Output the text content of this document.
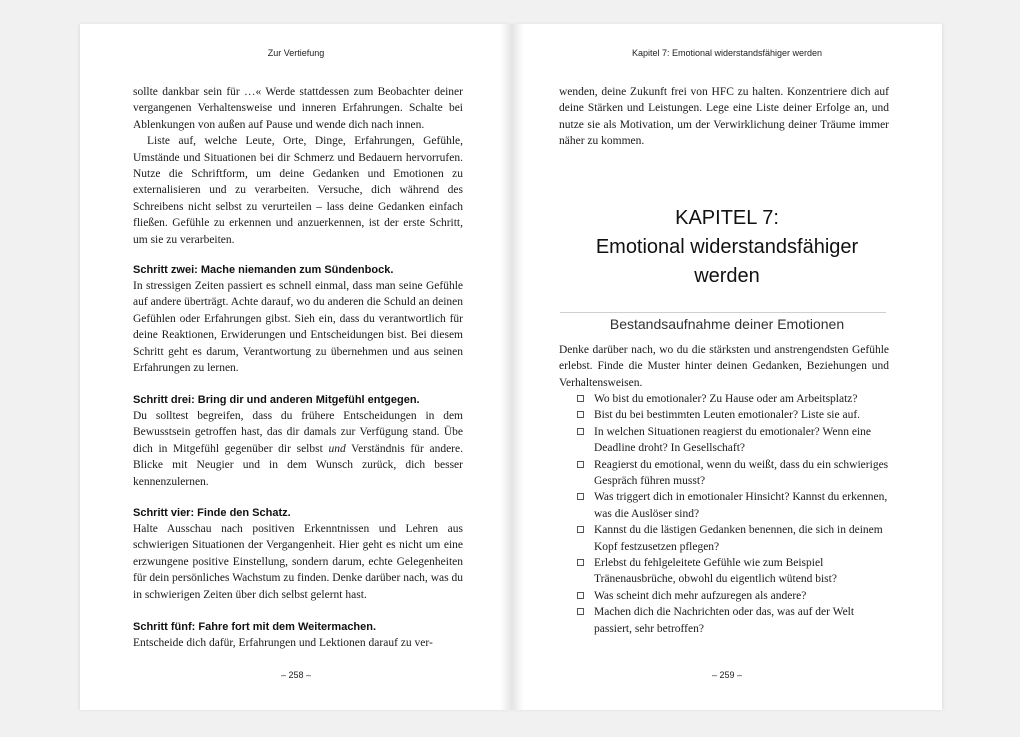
Zur Vertiefung

sollte dankbar sein für …« Werde stattdessen zum Beobachter deiner vergangenen Verhaltensweise und inneren Erfahrungen. Schalte bei Ablenkungen von außen auf Pause und wende dich nach innen.

Liste auf, welche Leute, Orte, Dinge, Erfahrungen, Gefühle, Umstände und Situationen bei dir Schmerz und Bedauern hervorrufen. Nutze die Schriftform, um deine Gedanken und Emotionen zu externalisieren und zu verarbeiten. Versuche, dich während des Schreibens nicht selbst zu verurteilen – lass deine Gedanken einfach fließen. Gefühle zu erkennen und anzuerkennen, ist der erste Schritt, um sie zu verarbeiten.

Schritt zwei: Mache niemanden zum Sündenbock.

In stressigen Zeiten passiert es schnell einmal, dass man seine Gefühle auf andere überträgt. Achte darauf, wo du anderen die Schuld an deinen Gefühlen oder Erfahrungen gibst. Sieh ein, dass du verantwortlich für deine Reaktionen, Erwiderungen und Entscheidungen bist. Bei diesem Schritt geht es darum, Verantwortung zu übernehmen und aus seinen Erfahrungen zu lernen.

Schritt drei: Bring dir und anderen Mitgefühl entgegen.

Du solltest begreifen, dass du frühere Entscheidungen in dem Bewusstsein getroffen hast, das dir damals zur Verfügung stand. Übe dich in Mitgefühl gegenüber dir selbst und Verständnis für andere. Blicke mit Neugier und in dem Wunsch zurück, dich besser kennenzulernen.

Schritt vier: Finde den Schatz.

Halte Ausschau nach positiven Erkenntnissen und Lehren aus schwierigen Situationen der Vergangenheit. Hier geht es nicht um eine erzwungene positive Einstellung, sondern darum, echte Gelegenheiten für dein persönliches Wachstum zu finden. Denke darüber nach, was du in schwierigen Zeiten über dich selbst gelernt hast.

Schritt fünf: Fahre fort mit dem Weitermachen.

Entscheide dich dafür, Erfahrungen und Lektionen darauf zu ver-

– 258 –
Kapitel 7: Emotional widerstandsfähiger werden

wenden, deine Zukunft frei von HFC zu halten. Konzentriere dich auf deine Stärken und Leistungen. Lege eine Liste deiner Erfolge an, und nutze sie als Motivation, um der Verwirklichung deiner Träume immer näher zu kommen.

KAPITEL 7:
Emotional widerstandsfähiger
werden
Bestandsaufnahme deiner Emotionen

Denke darüber nach, wo du die stärksten und anstrengendsten Gefühle erlebst. Finde die Muster hinter deinen Gedanken, Beziehungen und Verhaltensweisen.

Wo bist du emotionaler? Zu Hause oder am Arbeitsplatz?
Bist du bei bestimmten Leuten emotionaler? Liste sie auf.
In welchen Situationen reagierst du emotionaler? Wenn eine Deadline droht? In Gesellschaft?
Reagierst du emotional, wenn du weißt, dass du ein schwieriges Gespräch führen musst?
Was triggert dich in emotionaler Hinsicht? Kannst du erkennen, was die Auslöser sind?
Kannst du die lästigen Gedanken benennen, die sich in deinem Kopf festzusetzen pflegen?
Erlebst du fehlgeleitete Gefühle wie zum Beispiel Tränenausbrüche, obwohl du eigentlich wütend bist?
Was scheint dich mehr aufzuregen als andere?
Machen dich die Nachrichten oder das, was auf der Welt passiert, sehr betroffen?
– 259 –
